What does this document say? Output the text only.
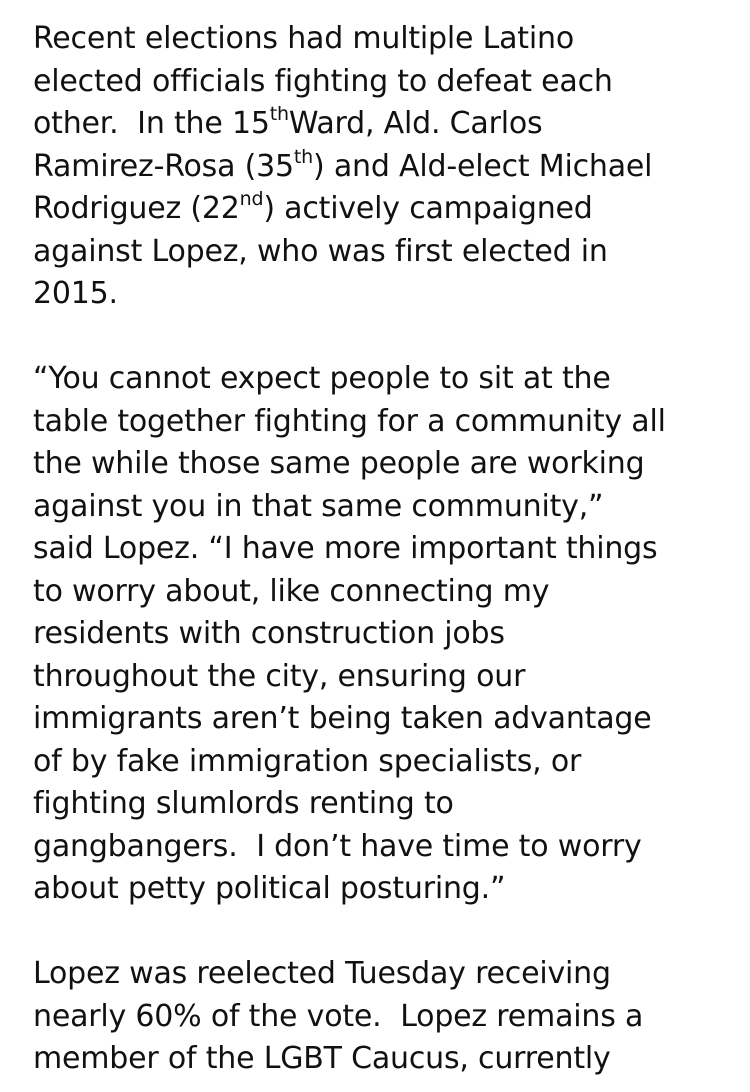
Recent elections had multiple Latino
elected officials fighting to defeat each
other.  In the 15thWard, Ald. Carlos
Ramirez-Rosa (35th) and Ald-elect Michael
Rodriguez (22nd) actively campaigned
against Lopez, who was first elected in
2015.
“You cannot expect people to sit at the
table together fighting for a community all
the while those same people are working
against you in that same community,”
said Lopez. “I have more important things
to worry about, like connecting my
residents with construction jobs
throughout the city, ensuring our
immigrants aren’t being taken advantage
of by fake immigration specialists, or
fighting slumlords renting to
gangbangers.  I don’t have time to worry
about petty political posturing.”
Lopez was reelected Tuesday receiving
nearly 60% of the vote.  Lopez remains a
member of the LGBT Caucus, currently
